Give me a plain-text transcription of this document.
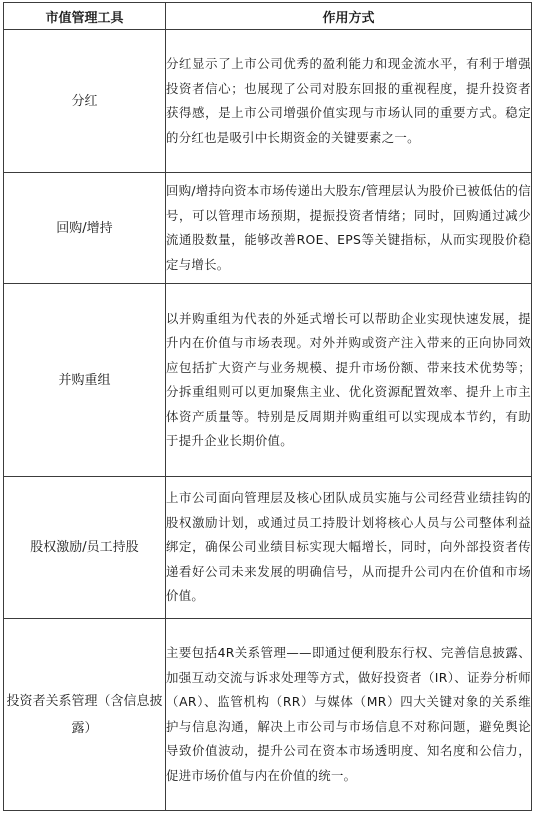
市值管理工具	作用方式
分红	分红显示了上市公司优秀的盈利能力和现金流水平，有利于增强投资者信心；也展现了公司对股东回报的重视程度，提升投资者获得感，是上市公司增强价值实现与市场认同的重要方式。稳定的分红也是吸引中长期资金的关键要素之一。
回购/增持	回购/增持向资本市场传递出大股东/管理层认为股价已被低估的信号，可以管理市场预期，提振投资者情绪；同时，回购通过减少流通股数量，能够改善ROE、EPS等关键指标，从而实现股价稳定与增长。
并购重组	以并购重组为代表的外延式增长可以帮助企业实现快速发展，提升内在价值与市场表现。对外并购或资产注入带来的正向协同效应包括扩大资产与业务规模、提升市场份额、带来技术优势等；分拆重组则可以更加聚焦主业、优化资源配置效率、提升上市主体资产质量等。特别是反周期并购重组可以实现成本节约，有助于提升企业长期价值。
股权激励/员工持股	上市公司面向管理层及核心团队成员实施与公司经营业绩挂钩的股权激励计划，或通过员工持股计划将核心人员与公司整体利益绑定，确保公司业绩目标实现大幅增长，同时，向外部投资者传递看好公司未来发展的明确信号，从而提升公司内在价值和市场价值。
投资者关系管理（含信息披露）	主要包括4R关系管理——即通过便利股东行权、完善信息披露、加强互动交流与诉求处理等方式，做好投资者（IR）、证券分析师（AR）、监管机构（RR）与媒体（MR）四大关键对象的关系维护与信息沟通，解决上市公司与市场信息不对称问题，避免舆论导致价值波动，提升公司在资本市场透明度、知名度和公信力，促进市场价值与内在价值的统一。
